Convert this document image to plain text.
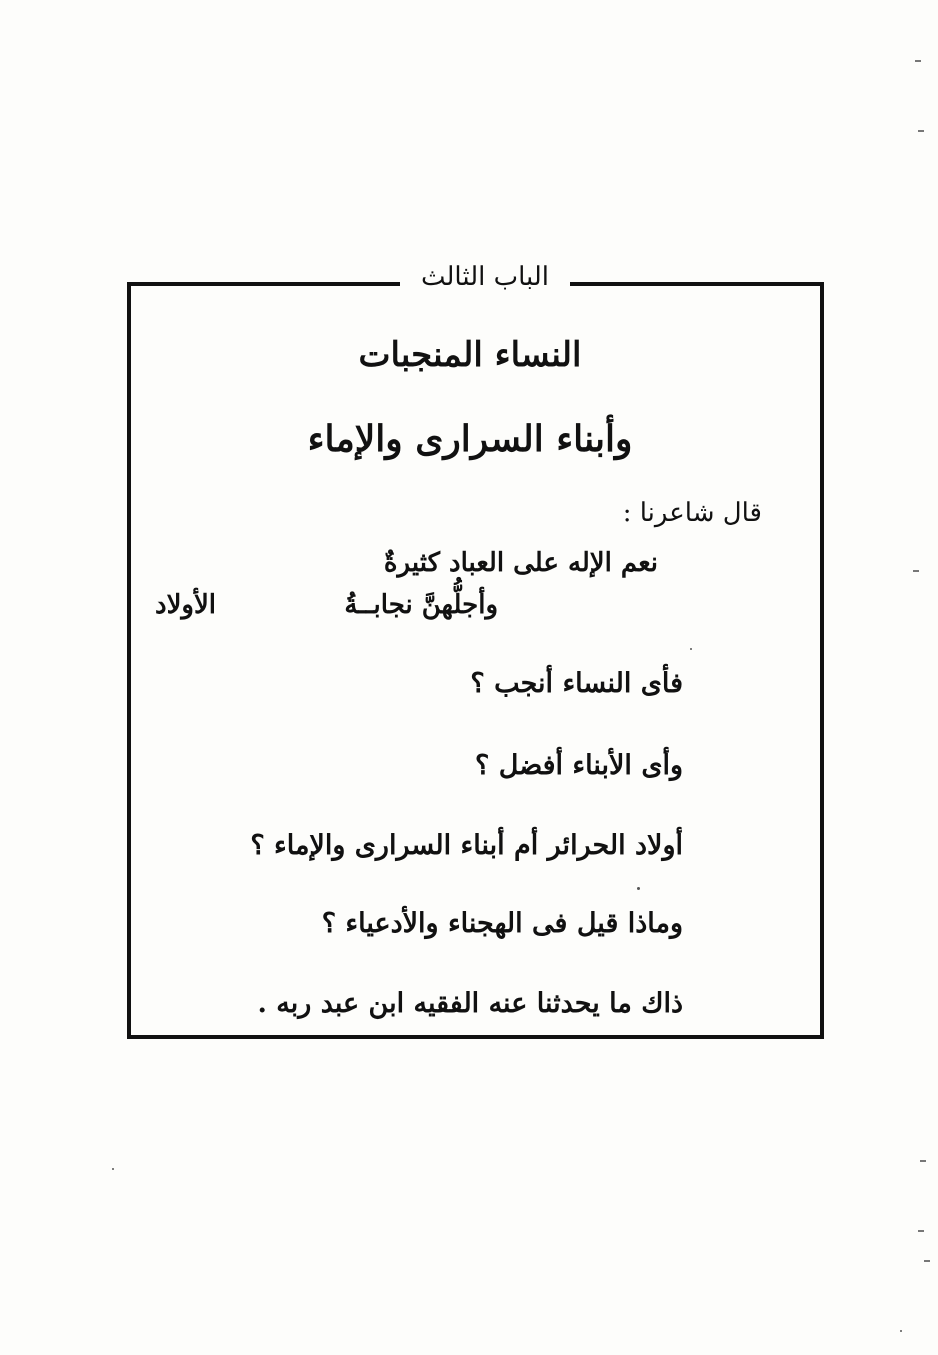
الباب الثالث
النساء المنجبات
وأبناء السرارى والإماء
قال شاعرنا :
نعم الإله على العباد كثيرةٌ
وأجلُّهنَّ نجابــةُ
الأولاد
فأى النساء أنجب ؟
وأى الأبناء أفضل ؟
أولاد الحرائر أم أبناء السرارى والإماء ؟
وماذا قيل فى الهجناء والأدعياء ؟
ذاك ما يحدثنا عنه الفقيه ابن عبد ربه .
